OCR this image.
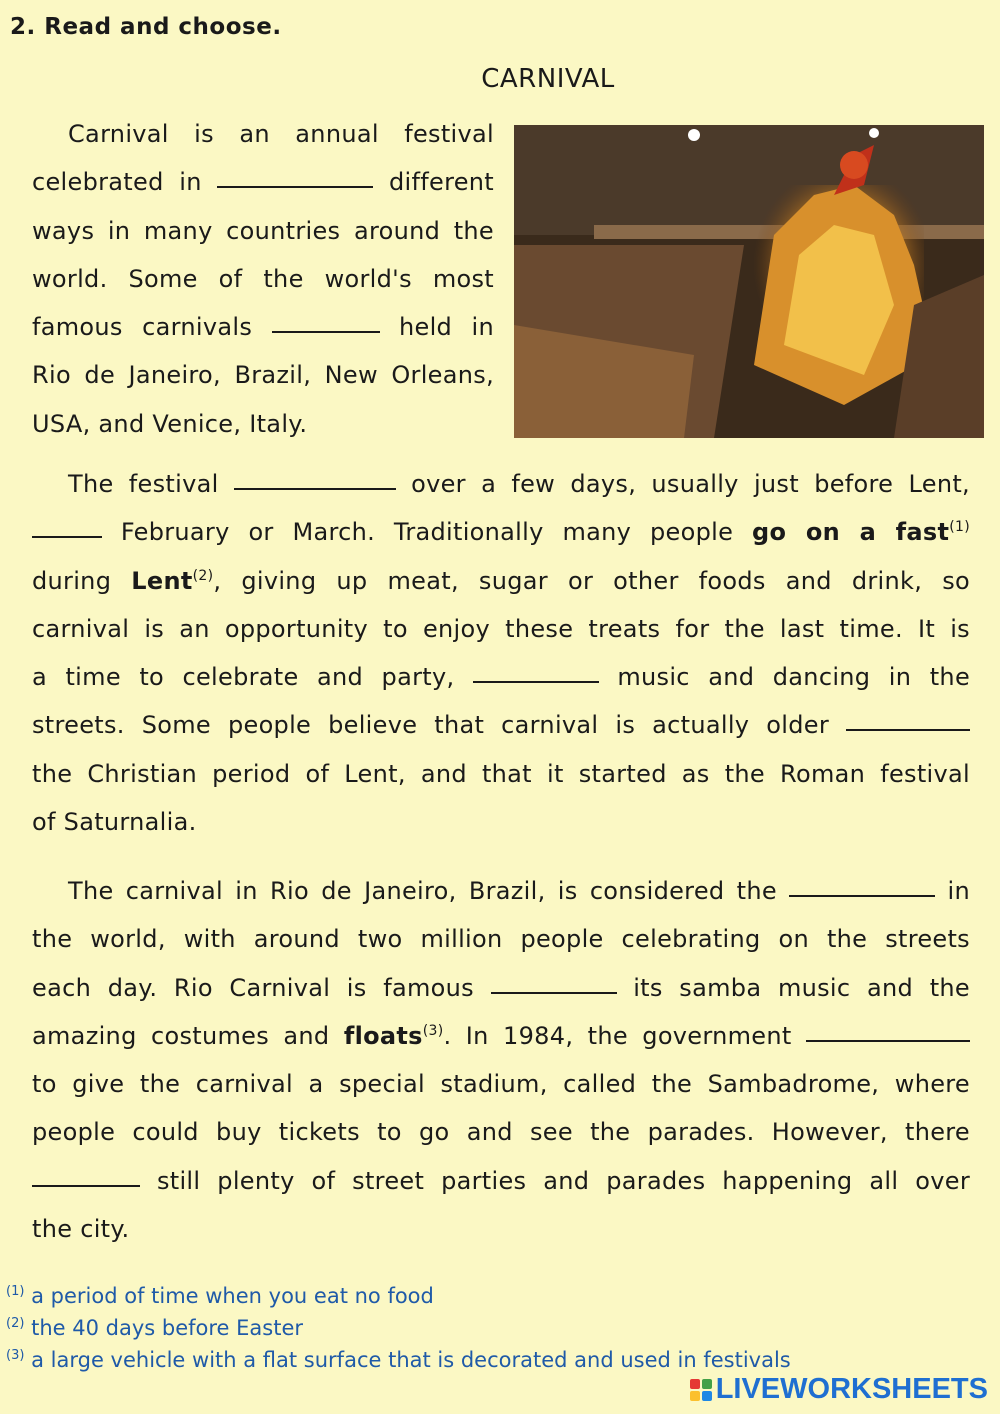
2. Read and choose.
CARNIVAL
Carnival is an annual festival
celebrated in	different
ways in many countries around the
world. Some of the world's most
famous carnivals	held in
Rio de Janeiro, Brazil, New Orleans,
USA, and Venice, Italy.
The festival	over a few days, usually just before Lent,
February or March. Traditionally many people go on a fast$^{(1)}$
during Lent$^{(2)}$, giving up meat, sugar or other foods and drink, so
carnival is an opportunity to enjoy these treats for the last time. It is
a time to celebrate and party,	music and dancing in the
streets. Some people believe that carnival is actually older
the Christian period of Lent, and that it started as the Roman festival
of Saturnalia.
The carnival in Rio de Janeiro, Brazil, is considered the	in
the world, with around two million people celebrating on the streets
each day. Rio Carnival is famous	its samba music and the
amazing costumes and floats$^{(3)}$. In 1984, the government
to give the carnival a special stadium, called the Sambadrome, where
people could buy tickets to go and see the parades. However, there
still plenty of street parties and parades happening all over
the city.
$^{(1)}$ a period of time when you eat no food
$^{(2)}$ the 40 days before Easter
$^{(3)}$ a large vehicle with a flat surface that is decorated and used in festivals
LIVEWORKSHEETS
